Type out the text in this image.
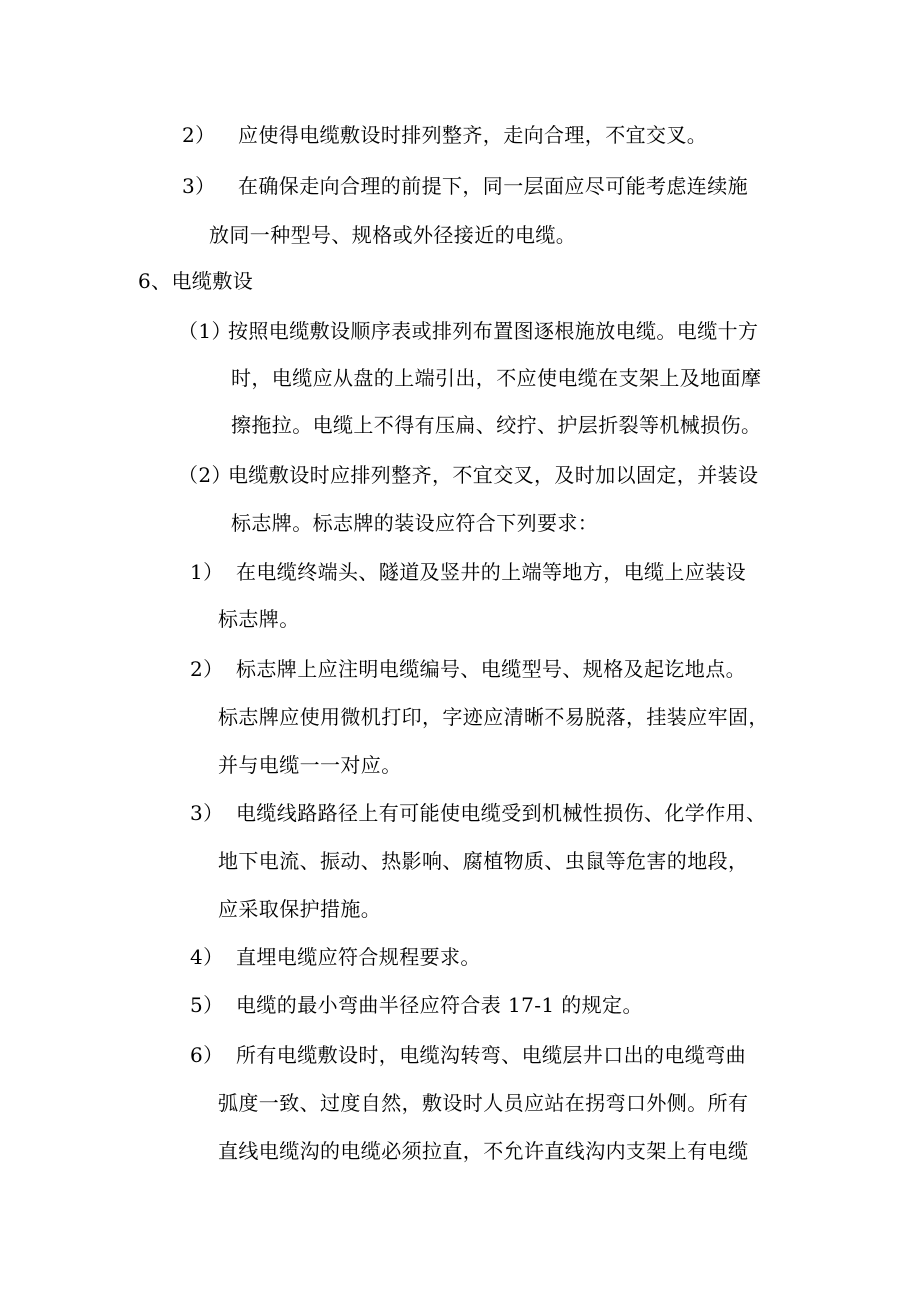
2） 应使得电缆敷设时排列整齐，走向合理，不宜交叉。
3） 在确保走向合理的前提下，同一层面应尽可能考虑连续施
放同一种型号、规格或外径接近的电缆。
6、电缆敷设
（1）按照电缆敷设顺序表或排列布置图逐根施放电缆。电缆十方
时，电缆应从盘的上端引出，不应使电缆在支架上及地面摩
擦拖拉。电缆上不得有压扁、绞拧、护层折裂等机械损伤。
（2）电缆敷设时应排列整齐，不宜交叉，及时加以固定，并装设
标志牌。标志牌的装设应符合下列要求：
1） 在电缆终端头、隧道及竖井的上端等地方，电缆上应装设
标志牌。
2） 标志牌上应注明电缆编号、电缆型号、规格及起讫地点。
标志牌应使用微机打印，字迹应清晰不易脱落，挂装应牢固，
并与电缆一一对应。
3） 电缆线路路径上有可能使电缆受到机械性损伤、化学作用、
地下电流、振动、热影响、腐植物质、虫鼠等危害的地段，
应采取保护措施。
4） 直埋电缆应符合规程要求。
5） 电缆的最小弯曲半径应符合表 17-1 的规定。
6） 所有电缆敷设时，电缆沟转弯、电缆层井口出的电缆弯曲
弧度一致、过度自然，敷设时人员应站在拐弯口外侧。所有
直线电缆沟的电缆必须拉直，不允许直线沟内支架上有电缆
